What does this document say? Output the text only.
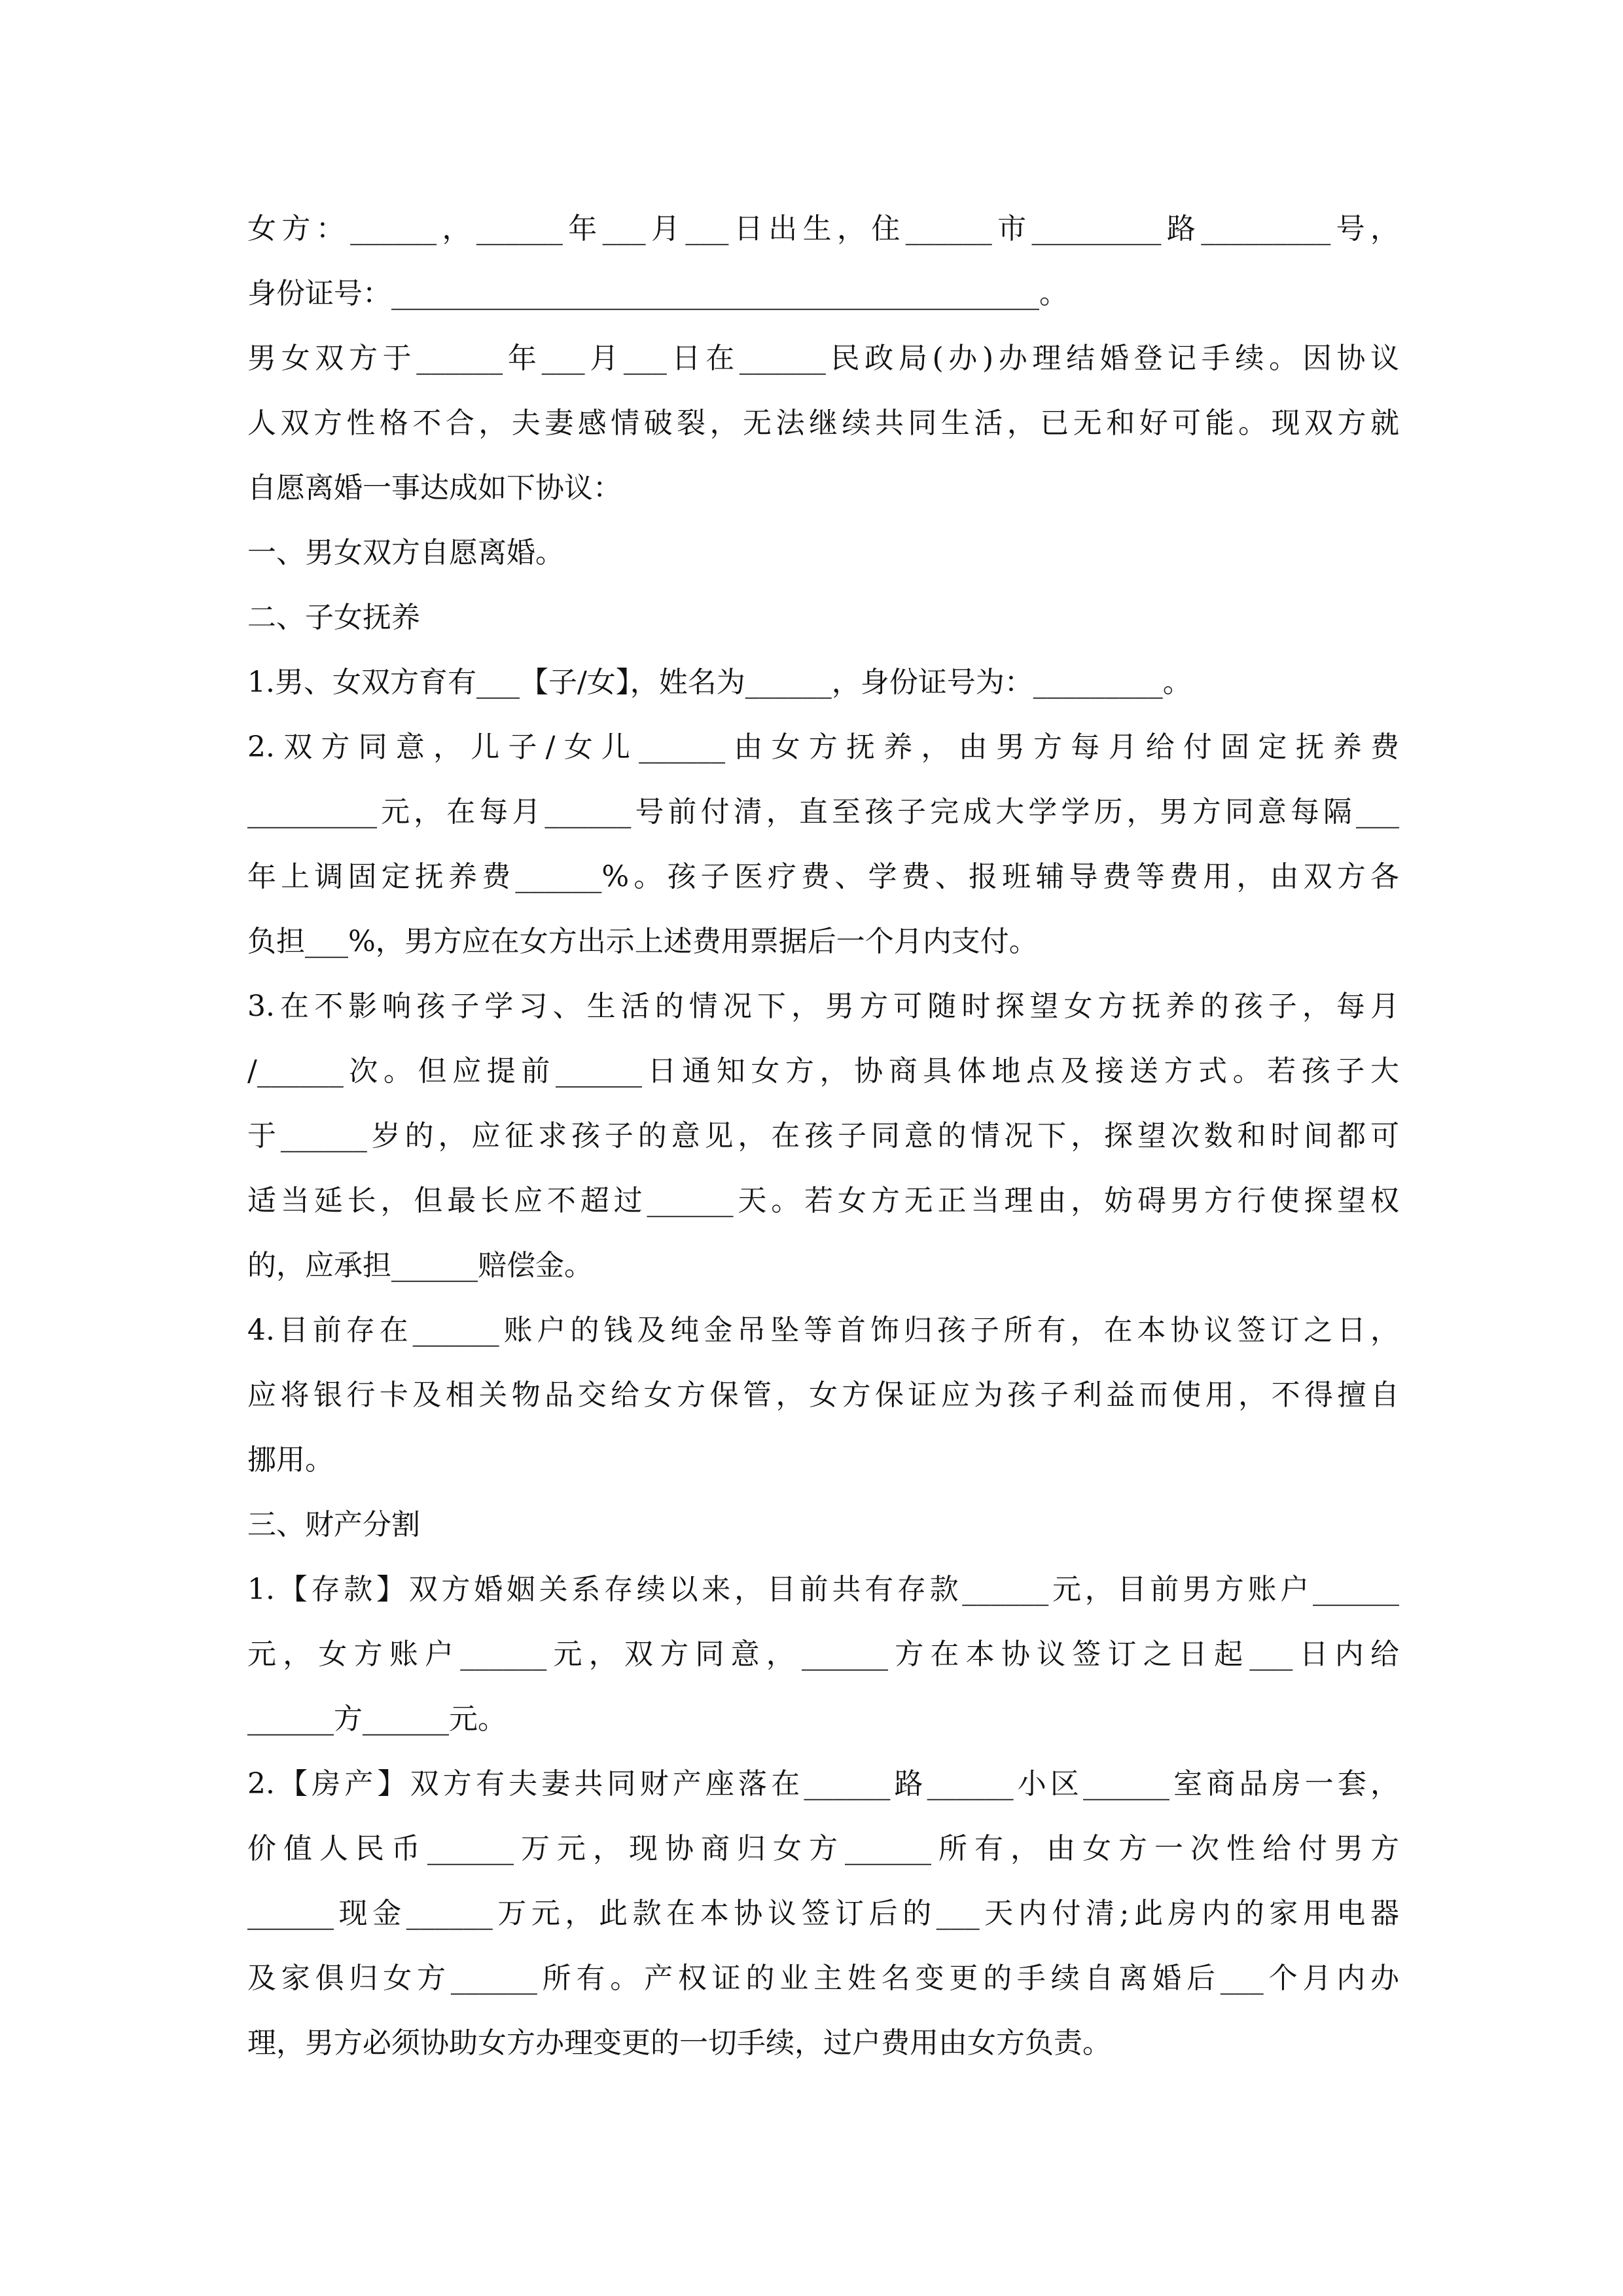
女方：______，______年___月___日出生，住______市_________路_________号，
身份证号：_____________________________________________。
男女双方于______年___月___日在______民政局(办)办理结婚登记手续。因协议
人双方性格不合，夫妻感情破裂，无法继续共同生活，已无和好可能。现双方就
自愿离婚一事达成如下协议：
一、男女双方自愿离婚。
二、子女抚养
1.男、女双方育有___【子/女】，姓名为______，身份证号为：_________。
2.双方同意，儿子/女儿______由女方抚养，由男方每月给付固定抚养费
_________元，在每月______号前付清，直至孩子完成大学学历，男方同意每隔___
年上调固定抚养费______%。孩子医疗费、学费、报班辅导费等费用，由双方各
负担___%，男方应在女方出示上述费用票据后一个月内支付。
3.在不影响孩子学习、生活的情况下，男方可随时探望女方抚养的孩子，每月
/______次。但应提前______日通知女方，协商具体地点及接送方式。若孩子大
于______岁的，应征求孩子的意见，在孩子同意的情况下，探望次数和时间都可
适当延长，但最长应不超过______天。若女方无正当理由，妨碍男方行使探望权
的，应承担______赔偿金。
4.目前存在______账户的钱及纯金吊坠等首饰归孩子所有，在本协议签订之日，
应将银行卡及相关物品交给女方保管，女方保证应为孩子利益而使用，不得擅自
挪用。
三、财产分割
1.【存款】双方婚姻关系存续以来，目前共有存款______元，目前男方账户______
元，女方账户______元，双方同意，______方在本协议签订之日起___日内给
______方______元。
2.【房产】双方有夫妻共同财产座落在______路______小区______室商品房一套，
价值人民币______万元，现协商归女方______所有，由女方一次性给付男方
______现金______万元，此款在本协议签订后的___天内付清;此房内的家用电器
及家俱归女方______所有。产权证的业主姓名变更的手续自离婚后___个月内办
理，男方必须协助女方办理变更的一切手续，过户费用由女方负责。
